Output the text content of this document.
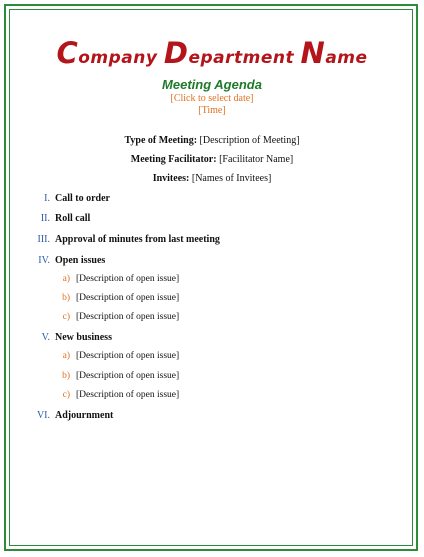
Company Department Name
Meeting Agenda
[Click to select date]
[Time]
Type of Meeting: [Description of Meeting]
Meeting Facilitator: [Facilitator Name]
Invitees: [Names of Invitees]
I. Call to order
II. Roll call
III. Approval of minutes from last meeting
IV. Open issues
a) [Description of open issue]
b) [Description of open issue]
c) [Description of open issue]
V. New business
a) [Description of open issue]
b) [Description of open issue]
c) [Description of open issue]
VI. Adjournment
